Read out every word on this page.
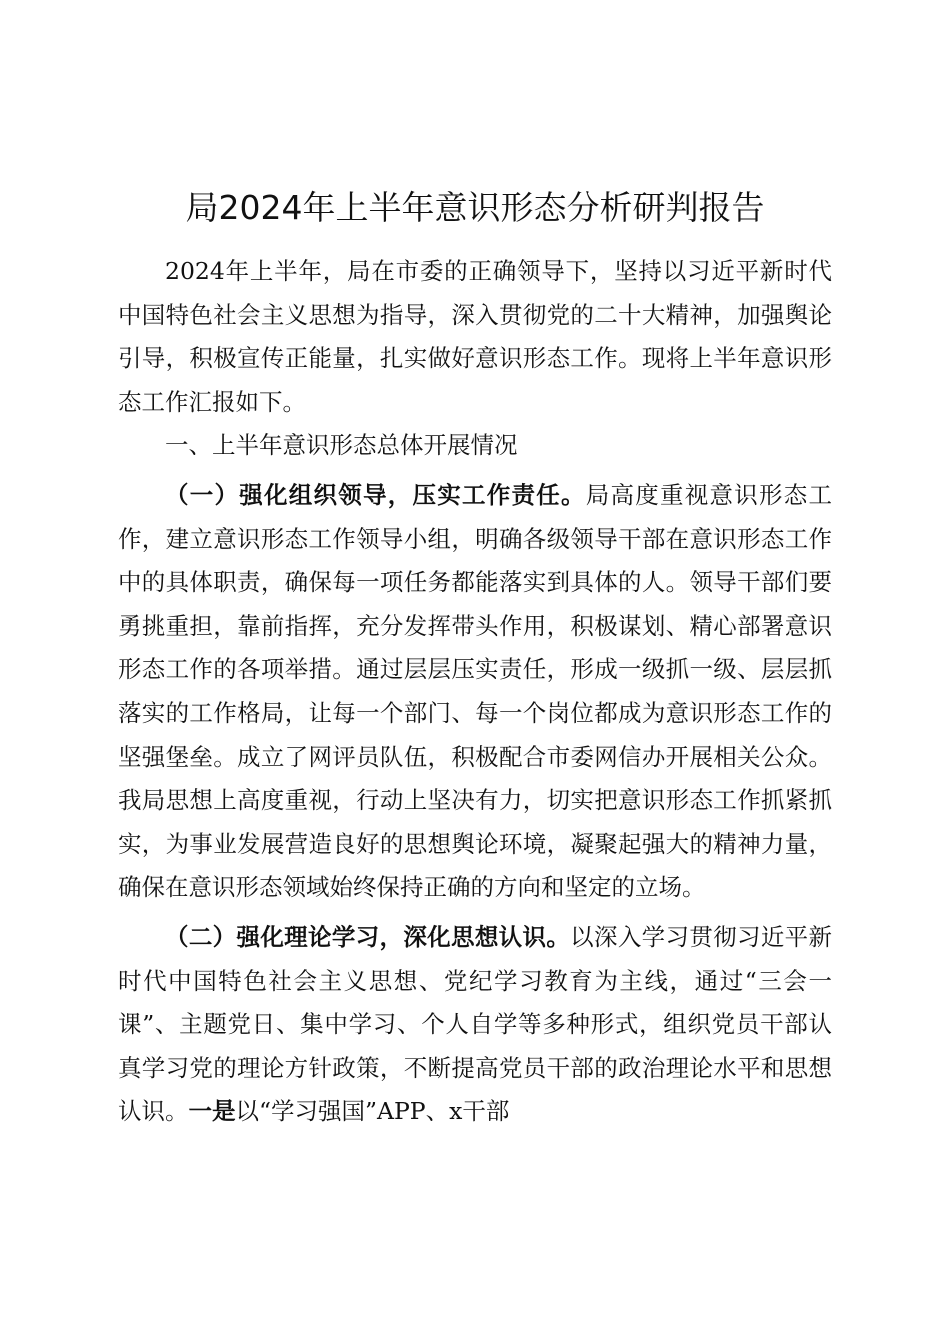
局2024年上半年意识形态分析研判报告

2024年上半年，局在市委的正确领导下，坚持以习近平新时代中国特色社会主义思想为指导，深入贯彻党的二十大精神，加强舆论引导，积极宣传正能量，扎实做好意识形态工作。现将上半年意识形态工作汇报如下。

一、上半年意识形态总体开展情况

（一）强化组织领导，压实工作责任。局高度重视意识形态工作，建立意识形态工作领导小组，明确各级领导干部在意识形态工作中的具体职责，确保每一项任务都能落实到具体的人。领导干部们要勇挑重担，靠前指挥，充分发挥带头作用，积极谋划、精心部署意识形态工作的各项举措。通过层层压实责任，形成一级抓一级、层层抓落实的工作格局，让每一个部门、每一个岗位都成为意识形态工作的坚强堡垒。成立了网评员队伍，积极配合市委网信办开展相关公众。我局思想上高度重视，行动上坚决有力，切实把意识形态工作抓紧抓实，为事业发展营造良好的思想舆论环境，凝聚起强大的精神力量，确保在意识形态领域始终保持正确的方向和坚定的立场。

（二）强化理论学习，深化思想认识。以深入学习贯彻习近平新时代中国特色社会主义思想、党纪学习教育为主线，通过“三会一课”、主题党日、集中学习、个人自学等多种形式，组织党员干部认真学习党的理论方针政策，不断提高党员干部的政治理论水平和思想认识。一是以“学习强国”APP、x干部
